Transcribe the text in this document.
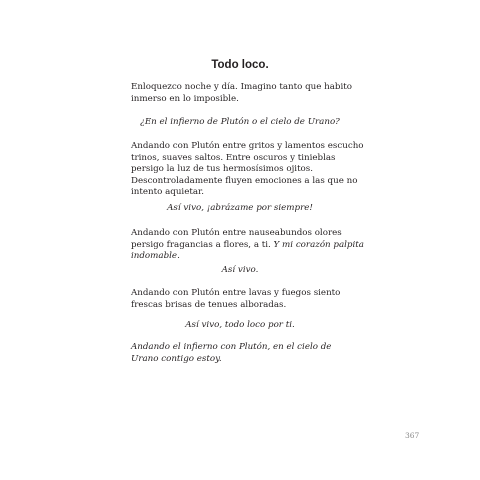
Todo loco.
Enloquezco noche y día. Imagino tanto que habito
inmerso en lo imposible.
¿En el infierno de Plutón o el cielo de Urano?
Andando con Plutón entre gritos y lamentos escucho
trinos, suaves saltos. Entre oscuros y tinieblas
persigo la luz de tus hermosísimos ojitos.
Descontroladamente fluyen emociones a las que no
intento aquietar.
Así vivo, ¡abrázame por siempre!
Andando con Plutón entre nauseabundos olores
persigo fragancias a flores, a ti. Y mi corazón palpita
indomable.
Así vivo.
Andando con Plutón entre lavas y fuegos siento
frescas brisas de tenues alboradas.
Así vivo, todo loco por ti.
Andando el infierno con Plutón, en el cielo de
Urano contigo estoy.
367
